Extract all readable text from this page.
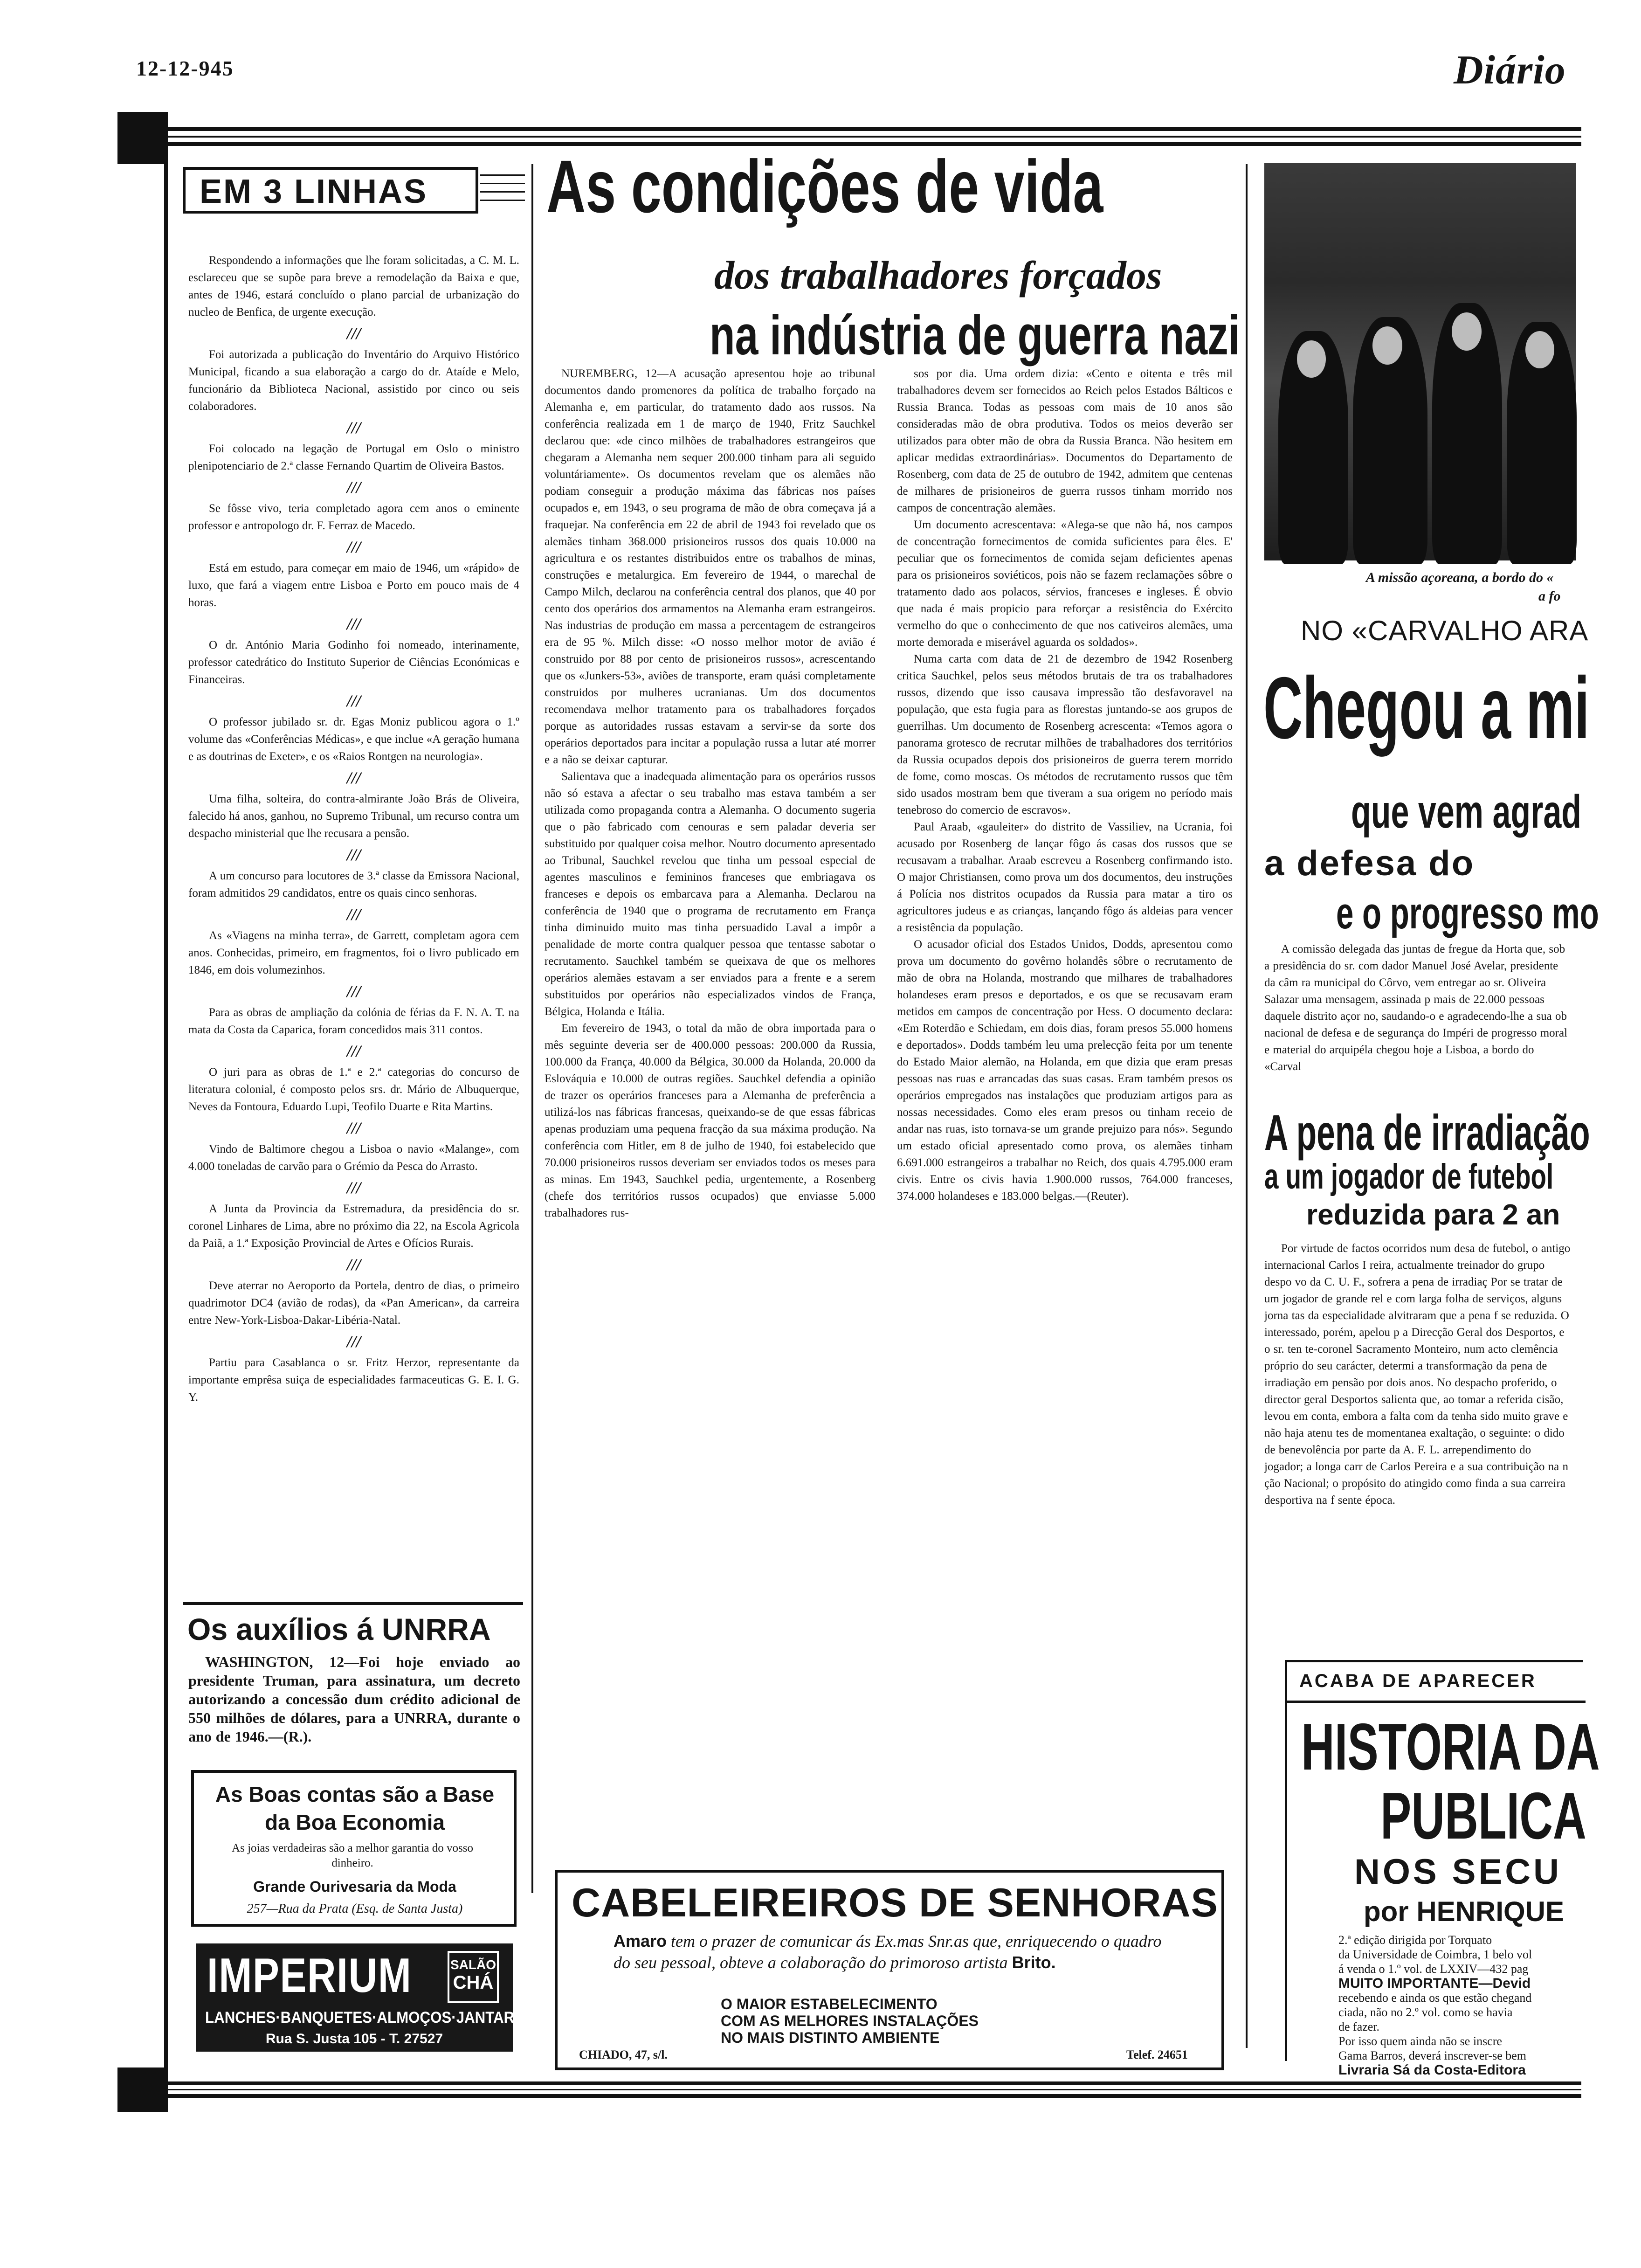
12-12-945	Diário
EM 3 LINHAS

Respondendo a informações que lhe foram solicitadas, a C. M. L. esclareceu que se supõe para breve a remodelação da Baixa e que, antes de 1946, estará concluído o plano parcial de urbanização do nucleo de Benfica, de urgente execução.

///

Foi autorizada a publicação do Inventário do Arquivo Histórico Municipal, ficando a sua elaboração a cargo do dr. Ataíde e Melo, funcionário da Biblioteca Nacional, assistido por cinco ou seis colaboradores.

///

Foi colocado na legação de Portugal em Oslo o ministro plenipotenciario de 2.ª classe Fernando Quartim de Oliveira Bastos.

///

Se fôsse vivo, teria completado agora cem anos o eminente professor e antropologo dr. F. Ferraz de Macedo.

///

Está em estudo, para começar em maio de 1946, um «rápido» de luxo, que fará a viagem entre Lisboa e Porto em pouco mais de 4 horas.

///

O dr. António Maria Godinho foi nomeado, interinamente, professor catedrático do Instituto Superior de Ciências Económicas e Financeiras.

///

O professor jubilado sr. dr. Egas Moniz publicou agora o 1.º volume das «Conferências Médicas», e que inclue «A geração humana e as doutrinas de Exeter», e os «Raios Rontgen na neurologia».

///

Uma filha, solteira, do contra-almirante João Brás de Oliveira, falecido há anos, ganhou, no Supremo Tribunal, um recurso contra um despacho ministerial que lhe recusara a pensão.

///

A um concurso para locutores de 3.ª classe da Emissora Nacional, foram admitidos 29 candidatos, entre os quais cinco senhoras.

///

As «Viagens na minha terra», de Garrett, completam agora cem anos. Conhecidas, primeiro, em fragmentos, foi o livro publicado em 1846, em dois volumezinhos.

///

Para as obras de ampliação da colónia de férias da F. N. A. T. na mata da Costa da Caparica, foram concedidos mais 311 contos.

///

O juri para as obras de 1.ª e 2.ª categorias do concurso de literatura colonial, é composto pelos srs. dr. Mário de Albuquerque, Neves da Fontoura, Eduardo Lupi, Teofilo Duarte e Rita Martins.

///

Vindo de Baltimore chegou a Lisboa o navio «Malange», com 4.000 toneladas de carvão para o Grémio da Pesca do Arrasto.

///

A Junta da Provincia da Estremadura, da presidência do sr. coronel Linhares de Lima, abre no próximo dia 22, na Escola Agricola da Paiã, a 1.ª Exposição Provincial de Artes e Ofícios Rurais.

///

Deve aterrar no Aeroporto da Portela, dentro de dias, o primeiro quadrimotor DC4 (avião de rodas), da «Pan American», da carreira entre New-York-Lisboa-Dakar-Libéria-Natal.

///

Partiu para Casablanca o sr. Fritz Herzor, representante da importante emprêsa suiça de especialidades farmaceuticas G. E. I. G. Y.

Os auxílios á UNRRA

WASHINGTON, 12—Foi hoje enviado ao presidente Truman, para assinatura, um decreto autorizando a concessão dum crédito adicional de 550 milhões de dólares, para a UNRRA, durante o ano de 1946.—(R.).

As Boas contas são a Base da Boa Economia
As joias verdadeiras são a melhor garantia do vosso dinheiro.
Grande Ourivesaria da Moda
257—Rua da Prata (Esq. de Santa Justa)
IMPERIUM	SALÃO
CHÁ
LANCHES·BANQUETES·ALMOÇOS·JANTARES
Rua S. Justa 105 - T. 27527
As condições de vida
dos trabalhadores forçados
na indústria de guerra nazi

NUREMBERG, 12—A acusação apresentou hoje ao tribunal documentos dando promenores da política de trabalho forçado na Alemanha e, em particular, do tratamento dado aos russos. Na conferência realizada em 1 de março de 1940, Fritz Sauchkel declarou que: «de cinco milhões de trabalhadores estrangeiros que chegaram a Alemanha nem sequer 200.000 tinham para ali seguido voluntáriamente». Os documentos revelam que os alemães não podiam conseguir a produção máxima das fábricas nos países ocupados e, em 1943, o seu programa de mão de obra começava já a fraquejar. Na conferência em 22 de abril de 1943 foi revelado que os alemães tinham 368.000 prisioneiros russos dos quais 10.000 na agricultura e os restantes distribuidos entre os trabalhos de minas, construções e metalurgica. Em fevereiro de 1944, o marechal de Campo Milch, declarou na conferência central dos planos, que 40 por cento dos operários dos armamentos na Alemanha eram estrangeiros. Nas industrias de produção em massa a percentagem de estrangeiros era de 95 %. Milch disse: «O nosso melhor motor de avião é construido por 88 por cento de prisioneiros russos», acrescentando que os «Junkers-53», aviões de transporte, eram quási completamente construidos por mulheres ucranianas. Um dos documentos recomendava melhor tratamento para os trabalhadores forçados porque as autoridades russas estavam a servir-se da sorte dos operários deportados para incitar a população russa a lutar até morrer e a não se deixar capturar.

Salientava que a inadequada alimentação para os operários russos não só estava a afectar o seu trabalho mas estava também a ser utilizada como propaganda contra a Alemanha. O documento sugeria que o pão fabricado com cenouras e sem paladar deveria ser substituido por qualquer coisa melhor. Noutro documento apresentado ao Tribunal, Sauchkel revelou que tinha um pessoal especial de agentes masculinos e femininos franceses que embriagava os franceses e depois os embarcava para a Alemanha. Declarou na conferência de 1940 que o programa de recrutamento em França tinha diminuido muito mas tinha persuadido Laval a impôr a penalidade de morte contra qualquer pessoa que tentasse sabotar o recrutamento. Sauchkel também se queixava de que os melhores operários alemães estavam a ser enviados para a frente e a serem substituidos por operários não especializados vindos de França, Bélgica, Holanda e Itália.

Em fevereiro de 1943, o total da mão de obra importada para o mês seguinte deveria ser de 400.000 pessoas: 200.000 da Russia, 100.000 da França, 40.000 da Bélgica, 30.000 da Holanda, 20.000 da Eslováquia e 10.000 de outras regiões. Sauchkel defendia a opinião de trazer os operários franceses para a Alemanha de preferência a utilizá-los nas fábricas francesas, queixando-se de que essas fábricas apenas produziam uma pequena fracção da sua máxima produção. Na conferência com Hitler, em 8 de julho de 1940, foi estabelecido que 70.000 prisioneiros russos deveriam ser enviados todos os meses para as minas. Em 1943, Sauchkel pedia, urgentemente, a Rosenberg (chefe dos territórios russos ocupados) que enviasse 5.000 trabalhadores rus-

sos por dia. Uma ordem dizia: «Cento e oitenta e três mil trabalhadores devem ser fornecidos ao Reich pelos Estados Bálticos e Russia Branca. Todas as pessoas com mais de 10 anos são consideradas mão de obra produtiva. Todos os meios deverão ser utilizados para obter mão de obra da Russia Branca. Não hesitem em aplicar medidas extraordinárias». Documentos do Departamento de Rosenberg, com data de 25 de outubro de 1942, admitem que centenas de milhares de prisioneiros de guerra russos tinham morrido nos campos de concentração alemães.

Um documento acrescentava: «Alega-se que não há, nos campos de concentração fornecimentos de comida suficientes para êles. E' peculiar que os fornecimentos de comida sejam deficientes apenas para os prisioneiros soviéticos, pois não se fazem reclamações sôbre o tratamento dado aos polacos, sérvios, franceses e ingleses. É obvio que nada é mais propicio para reforçar a resistência do Exército vermelho do que o conhecimento de que nos cativeiros alemães, uma morte demorada e miserável aguarda os soldados».

Numa carta com data de 21 de dezembro de 1942 Rosenberg critica Sauchkel, pelos seus métodos brutais de tra os trabalhadores russos, dizendo que isso causava impressão tão desfavoravel na população, que esta fugia para as florestas juntando-se aos grupos de guerrilhas. Um documento de Rosenberg acrescenta: «Temos agora o panorama grotesco de recrutar milhões de trabalhadores dos territórios da Russia ocupados depois dos prisioneiros de guerra terem morrido de fome, como moscas. Os métodos de recrutamento russos que têm sido usados mostram bem que tiveram a sua origem no período mais tenebroso do comercio de escravos».

Paul Araab, «gauleiter» do distrito de Vassiliev, na Ucrania, foi acusado por Rosenberg de lançar fôgo ás casas dos russos que se recusavam a trabalhar. Araab escreveu a Rosenberg confirmando isto. O major Christiansen, como prova um dos documentos, deu instruções á Polícia nos distritos ocupados da Russia para matar a tiro os agricultores judeus e as crianças, lançando fôgo ás aldeias para vencer a resistência da população.

O acusador oficial dos Estados Unidos, Dodds, apresentou como prova um documento do govêrno holandês sôbre o recrutamento de mão de obra na Holanda, mostrando que milhares de trabalhadores holandeses eram presos e deportados, e os que se recusavam eram metidos em campos de concentração por Hess. O documento declara: «Em Roterdão e Schiedam, em dois dias, foram presos 55.000 homens e deportados». Dodds também leu uma prelecção feita por um tenente do Estado Maior alemão, na Holanda, em que dizia que eram presas pessoas nas ruas e arrancadas das suas casas. Eram também presos os operários empregados nas instalações que produziam artigos para as nossas necessidades. Como eles eram presos ou tinham receio de andar nas ruas, isto tornava-se um grande prejuizo para nós». Segundo um estado oficial apresentado como prova, os alemães tinham 6.691.000 estrangeiros a trabalhar no Reich, dos quais 4.795.000 eram civis. Entre os civis havia 1.900.000 russos, 764.000 franceses, 374.000 holandeses e 183.000 belgas.—(Reuter).

CABELEIREIROS DE SENHORAS
Amaro tem o prazer de comunicar ás Ex.mas Snr.as que, enriquecendo o quadro do seu pessoal, obteve a colaboração do primoroso artista Brito.
O MAIOR ESTABELECIMENTO
COM AS MELHORES INSTALAÇÕES
NO MAIS DISTINTO AMBIENTE
CHIADO, 47, s/l.	Telef. 24651
A missão açoreana, a bordo do «
a fo
NO «CARVALHO ARA
Chegou a mi
que vem agrad
a defesa do
e o progresso mo

A comissão delegada das juntas de fregue da Horta que, sob a presidência do sr. com dador Manuel José Avelar, presidente da câm ra municipal do Côrvo, vem entregar ao sr. Oliveira Salazar uma mensagem, assinada p mais de 22.000 pessoas daquele distrito açor no, saudando-o e agradecendo-lhe a sua ob nacional de defesa e de segurança do Impéri de progresso moral e material do arquipéla chegou hoje a Lisboa, a bordo do «Carval

A pena de irradiação
a um jogador de futebol
reduzida para 2 an

Por virtude de factos ocorridos num desa de futebol, o antigo internacional Carlos I reira, actualmente treinador do grupo despo vo da C. U. F., sofrera a pena de irradiaç Por se tratar de um jogador de grande rel e com larga folha de serviços, alguns jorna tas da especialidade alvitraram que a pena f se reduzida. O interessado, porém, apelou p a Direcção Geral dos Desportos, e o sr. ten te-coronel Sacramento Monteiro, num acto clemência próprio do seu carácter, determi a transformação da pena de irradiação em pensão por dois anos. No despacho proferido, o director geral Desportos salienta que, ao tomar a referida cisão, levou em conta, embora a falta com da tenha sido muito grave e não haja atenu tes de momentanea exaltação, o seguinte: o dido de benevolência por parte da A. F. L. arrependimento do jogador; a longa carr de Carlos Pereira e a sua contribuição na n ção Nacional; o propósito do atingido como finda a sua carreira desportiva na f sente época.

ACABA DE APARECER
HISTORIA DA
PUBLICA
NOS SECU
por HENRIQUE
2.ª edição dirigida por Torquato
da Universidade de Coimbra, 1 belo vol
á venda o 1.º vol. de LXXIV—432 pag
MUITO IMPORTANTE—Devid
recebendo e ainda os que estão chegand
ciada, não no 2.º vol. como se havia
de fazer.
Por isso quem ainda não se inscre
Gama Barros, deverá inscrever-se bem
Livraria Sá da Costa-Editora
